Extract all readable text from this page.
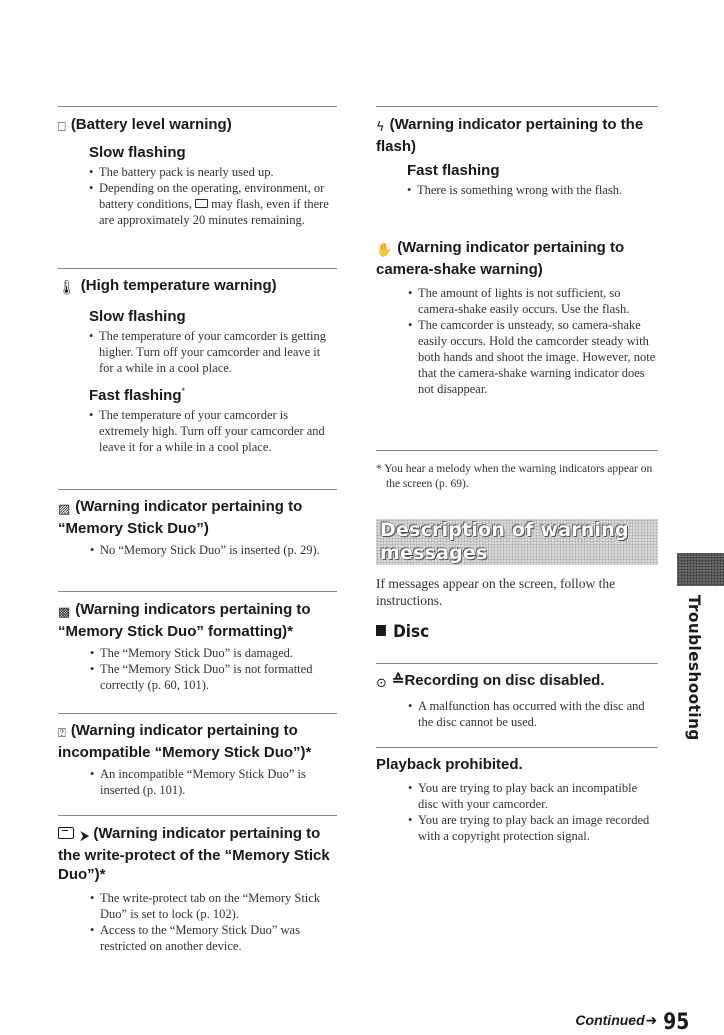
⎕ (Battery level warning)

Slow flashing

• The battery pack is nearly used up.
• Depending on the operating, environment, or battery conditions, may flash, even if there are approximately 20 minutes remaining.

🌡︎ (High temperature warning)

Slow flashing

• The temperature of your camcorder is getting higher. Turn off your camcorder and leave it for a while in a cool place.

Fast flashing*

• The temperature of your camcorder is extremely high. Turn off your camcorder and leave it for a while in a cool place.

▨ (Warning indicator pertaining to “Memory Stick Duo”)

• No “Memory Stick Duo” is inserted (p. 29).

▩ (Warning indicators pertaining to “Memory Stick Duo” formatting)*

• The “Memory Stick Duo” is damaged.
• The “Memory Stick Duo” is not formatted correctly (p. 60, 101).

⍰ (Warning indicator pertaining to incompatible “Memory Stick Duo”)*

• An incompatible “Memory Stick Duo” is inserted (p. 101).

⮞ (Warning indicator pertaining to the write-protect of the “Memory Stick Duo”)*

• The write-protect tab on the “Memory Stick Duo” is set to lock (p. 102).
• Access to the “Memory Stick Duo” was restricted on another device.

ϟ (Warning indicator pertaining to the flash)

Fast flashing

• There is something wrong with the flash.

✋ (Warning indicator pertaining to camera-shake warning)

• The amount of lights is not sufficient, so camera-shake easily occurs. Use the flash.
• The camcorder is unsteady, so camera-shake easily occurs. Hold the camcorder steady with both hands and shoot the image. However, note that the camera-shake warning indicator does not disappear.

* You hear a melody when the warning indicators appear on the screen (p. 69).

Description of warning messages

If messages appear on the screen, follow the instructions.

Disc

⊙ ≙Recording on disc disabled.

• A malfunction has occurred with the disc and the disc cannot be used.

Playback prohibited.

• You are trying to play back an incompatible disc with your camcorder.
• You are trying to play back an image recorded with a copyright protection signal.
Troubleshooting
Continued➜ 95
